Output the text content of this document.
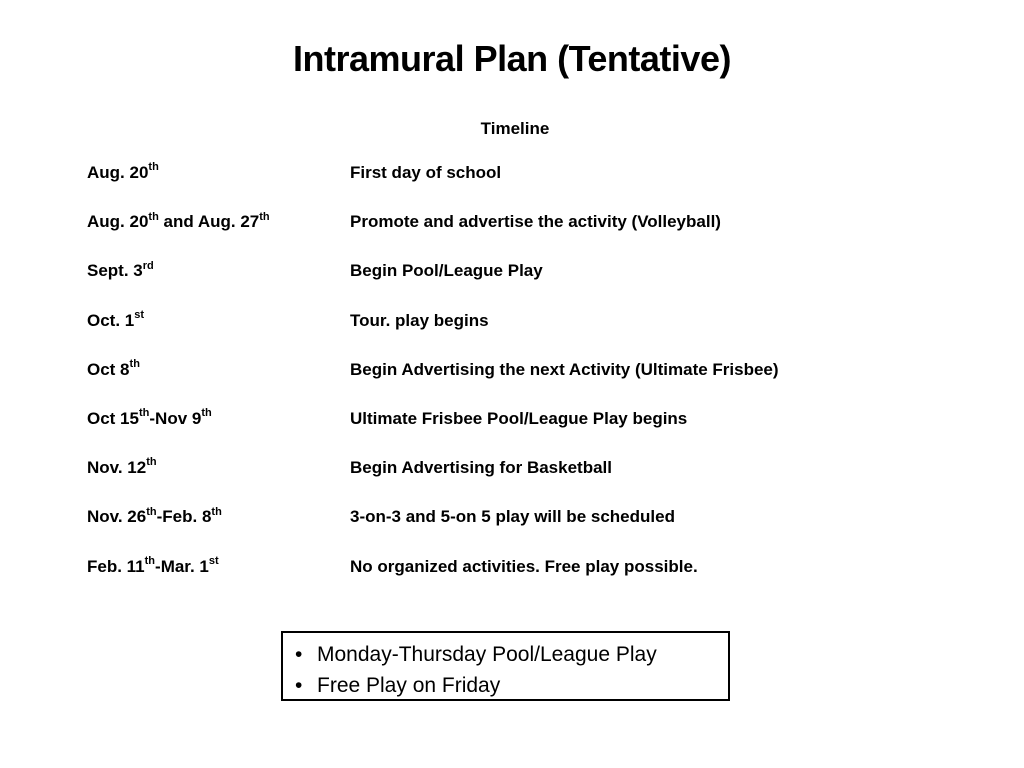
Intramural Plan (Tentative)
Timeline
Aug. 20th	First day of school
Aug. 20th and Aug. 27th	Promote and advertise the activity (Volleyball)
Sept. 3rd	Begin Pool/League Play
Oct. 1st	Tour. play begins
Oct 8th	Begin Advertising the next Activity (Ultimate Frisbee)
Oct 15th-Nov 9th	Ultimate Frisbee Pool/League Play begins
Nov. 12th	Begin Advertising for Basketball
Nov. 26th-Feb. 8th	3-on-3 and 5-on 5 play will be scheduled
Feb. 11th-Mar. 1st	No organized activities. Free play possible.
• Monday-Thursday Pool/League Play
• Free Play on Friday
